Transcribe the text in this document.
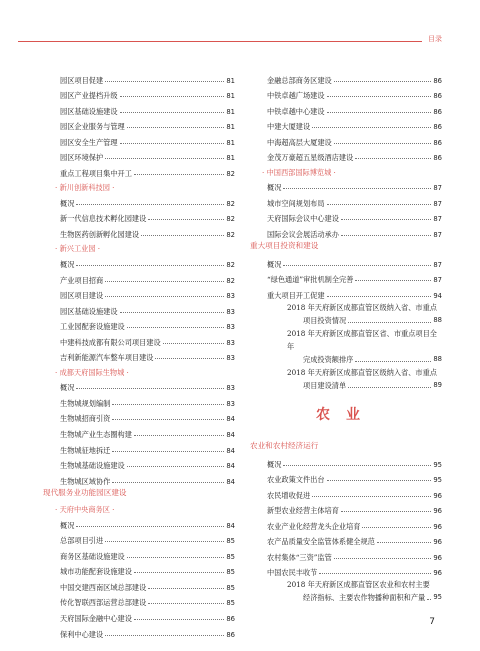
目录
园区项目促建	81
园区产业提档升级	81
园区基础设施建设	81
园区企业服务与管理	81
园区安全生产管理	81
园区环境保护	81
重点工程项目集中开工	82
· 新川创新科技园 ·
概况	82
新一代信息技术孵化园建设	82
生物医药创新孵化园建设	82
· 新兴工业园 ·
概况	82
产业项目招商	82
园区项目建设	83
园区基础设施建设	83
工业园配套设施建设	83
中建科技成都有限公司项目建设	83
吉利新能源汽车整车项目建设	83
· 成都天府国际生物城 ·
概况	83
生物城规划编制	83
生物城招商引资	84
生物城产业生态圈构建	84
生物城征地拆迁	84
生物城基础设施建设	84
生物城区域协作	84
现代服务业功能园区建设
· 天府中央商务区 ·
概况	84
总部项目引进	85
商务区基础设施建设	85
城市功能配套设施建设	85
中国交建西南区域总部建设	85
传化智联西部运营总部建设	85
天府国际金融中心建设	86
保利中心建设	86
金融总部商务区建设	86
中铁卓越广场建设	86
中铁卓越中心建设	86
中建大厦建设	86
中海超高层大厦建设	86
金茂万豪超五星级酒店建设	86
· 中国西部国际博览城 ·
概况	87
城市空间规划布局	87
天府国际会议中心建设	87
国际会议会展活动承办	87
重大项目投资和建设
概况	87
“绿色通道”审批机制全完善	87
重大项目开工促建	94
2018 年天府新区成都直管区级纳入省、市重点
项目投资情况	88
2018 年天府新区成都直管区省、市重点项目全年
完成投资额排序	88
2018 年天府新区成都直管区级纳入省、市重点
项目建设清单	89
农业
农业和农村经济运行
概况	95
农业政策文件出台	95
农民增收促进	96
新型农业经营主体培育	96
农业产业化经营龙头企业培育	96
农产品质量安全监管体系健全规范	96
农村集体“三资”监管	96
中国农民丰收节	96
2018 年天府新区成都直管区农业和农村主要
经济指标、主要农作物播种面积和产量 95
7
